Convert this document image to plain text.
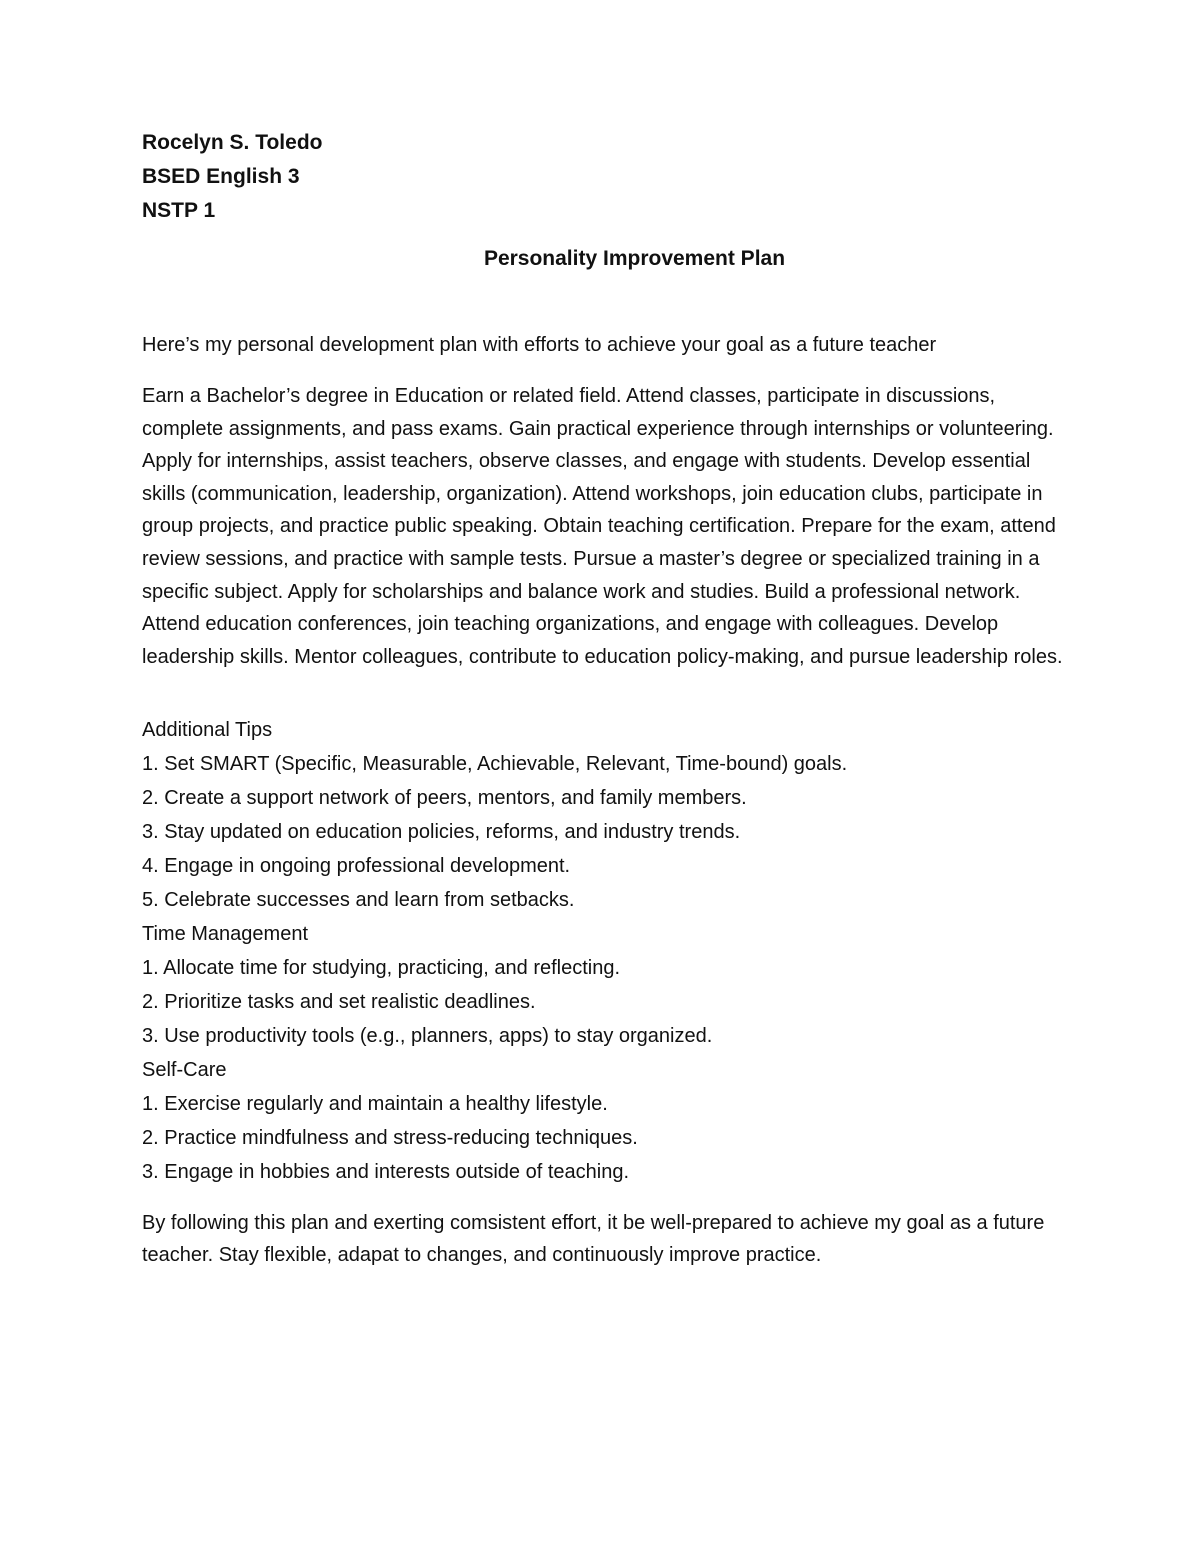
Rocelyn S. Toledo

BSED English 3

NSTP 1

Personality Improvement Plan

Here’s my personal development plan with efforts to achieve your goal as a future teacher

Earn a Bachelor’s degree in Education or related field. Attend classes, participate in discussions, complete assignments, and pass exams. Gain practical experience through internships or volunteering. Apply for internships, assist teachers, observe classes, and engage with students. Develop essential skills (communication, leadership, organization). Attend workshops, join education clubs, participate in group projects, and practice public speaking. Obtain teaching certification. Prepare for the exam, attend review sessions, and practice with sample tests. Pursue a master’s degree or specialized training in a specific subject. Apply for scholarships and balance work and studies. Build a professional network. Attend education conferences, join teaching organizations, and engage with colleagues. Develop leadership skills. Mentor colleagues, contribute to education policy-making, and pursue leadership roles.

Additional Tips

1. Set SMART (Specific, Measurable, Achievable, Relevant, Time-bound) goals.

2. Create a support network of peers, mentors, and family members.

3. Stay updated on education policies, reforms, and industry trends.

4. Engage in ongoing professional development.

5. Celebrate successes and learn from setbacks.

Time Management

1. Allocate time for studying, practicing, and reflecting.

2. Prioritize tasks and set realistic deadlines.

3. Use productivity tools (e.g., planners, apps) to stay organized.

Self-Care

1. Exercise regularly and maintain a healthy lifestyle.

2. Practice mindfulness and stress-reducing techniques.

3. Engage in hobbies and interests outside of teaching.

By following this plan and exerting comsistent effort, it be well-prepared to achieve my goal as a future teacher. Stay flexible, adapat to changes, and continuously improve practice.
